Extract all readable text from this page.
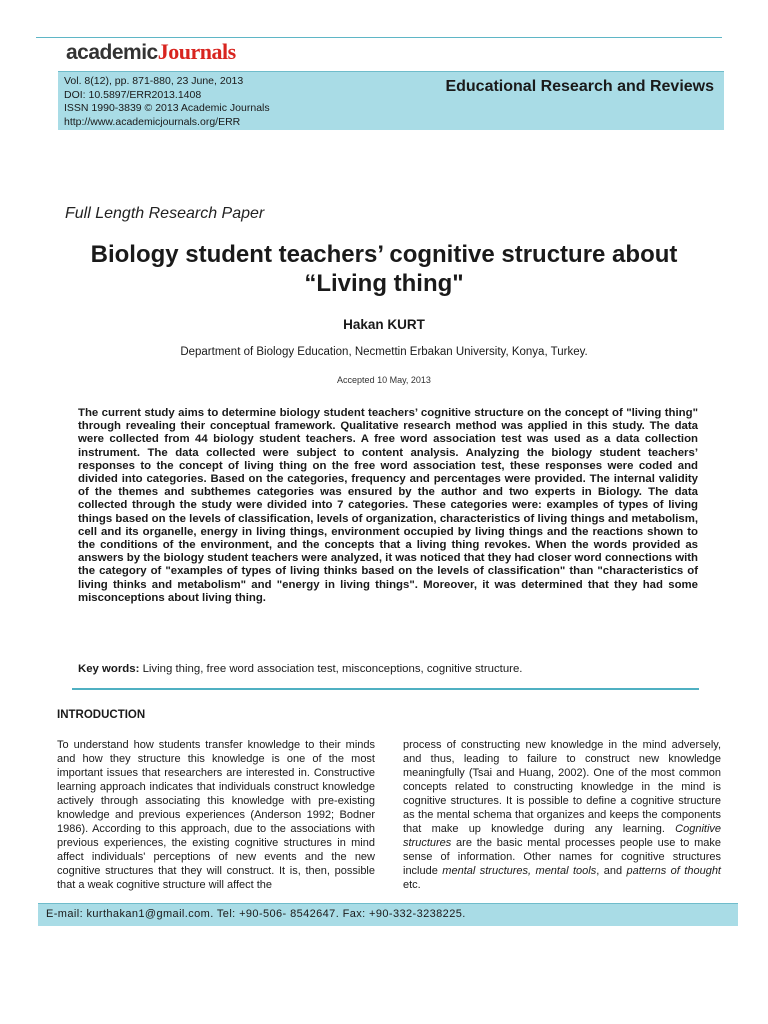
academicJournals
Vol. 8(12), pp. 871-880, 23 June, 2013
DOI: 10.5897/ERR2013.1408
ISSN 1990-3839 © 2013 Academic Journals
http://www.academicjournals.org/ERR
Educational Research and Reviews
Full Length Research Paper
Biology student teachers’ cognitive structure about
“Living thing"
Hakan KURT
Department of Biology Education, Necmettin Erbakan University, Konya, Turkey.
Accepted 10 May, 2013

The current study aims to determine biology student teachers’ cognitive structure on the concept of "living thing" through revealing their conceptual framework. Qualitative research method was applied in this study. The data were collected from 44 biology student teachers. A free word association test was used as a data collection instrument. The data collected were subject to content analysis. Analyzing the biology student teachers’ responses to the concept of living thing on the free word association test, these responses were coded and divided into categories. Based on the categories, frequency and percentages were provided. The internal validity of the themes and subthemes categories was ensured by the author and two experts in Biology. The data collected through the study were divided into 7 categories. These categories were: examples of types of living things based on the levels of classification, levels of organization, characteristics of living things and metabolism, cell and its organelle, energy in living things, environment occupied by living things and the reactions shown to the conditions of the environment, and the concepts that a living thing revokes. When the words provided as answers by the biology student teachers were analyzed, it was noticed that they had closer word connections with the category of "examples of types of living thinks based on the levels of classification" than "characteristics of living thinks and metabolism" and "energy in living things". Moreover, it was determined that they had some misconceptions about living thing.

Key words: Living thing, free word association test, misconceptions, cognitive structure.

INTRODUCTION

To understand how students transfer knowledge to their minds and how they structure this knowledge is one of the most important issues that researchers are interested in. Constructive learning approach indicates that individuals construct knowledge actively through associating this knowledge with pre-existing knowledge and previous experiences (Anderson 1992; Bodner 1986). According to this approach, due to the associations with previous experiences, the existing cognitive structures in mind affect individuals' perceptions of new events and the new cognitive structures that they will construct. It is, then, possible that a weak cognitive structure will affect the

process of constructing new knowledge in the mind adversely, and thus, leading to failure to construct new knowledge meaningfully (Tsai and Huang, 2002). One of the most common concepts related to constructing knowledge in the mind is cognitive structures. It is possible to define a cognitive structure as the mental schema that organizes and keeps the components that make up knowledge during any learning. Cognitive structures are the basic mental processes people use to make sense of information. Other names for cognitive structures include mental structures, mental tools, and patterns of thought etc.

E-mail: kurthakan1@gmail.com. Tel: +90-506- 8542647. Fax: +90-332-3238225.
